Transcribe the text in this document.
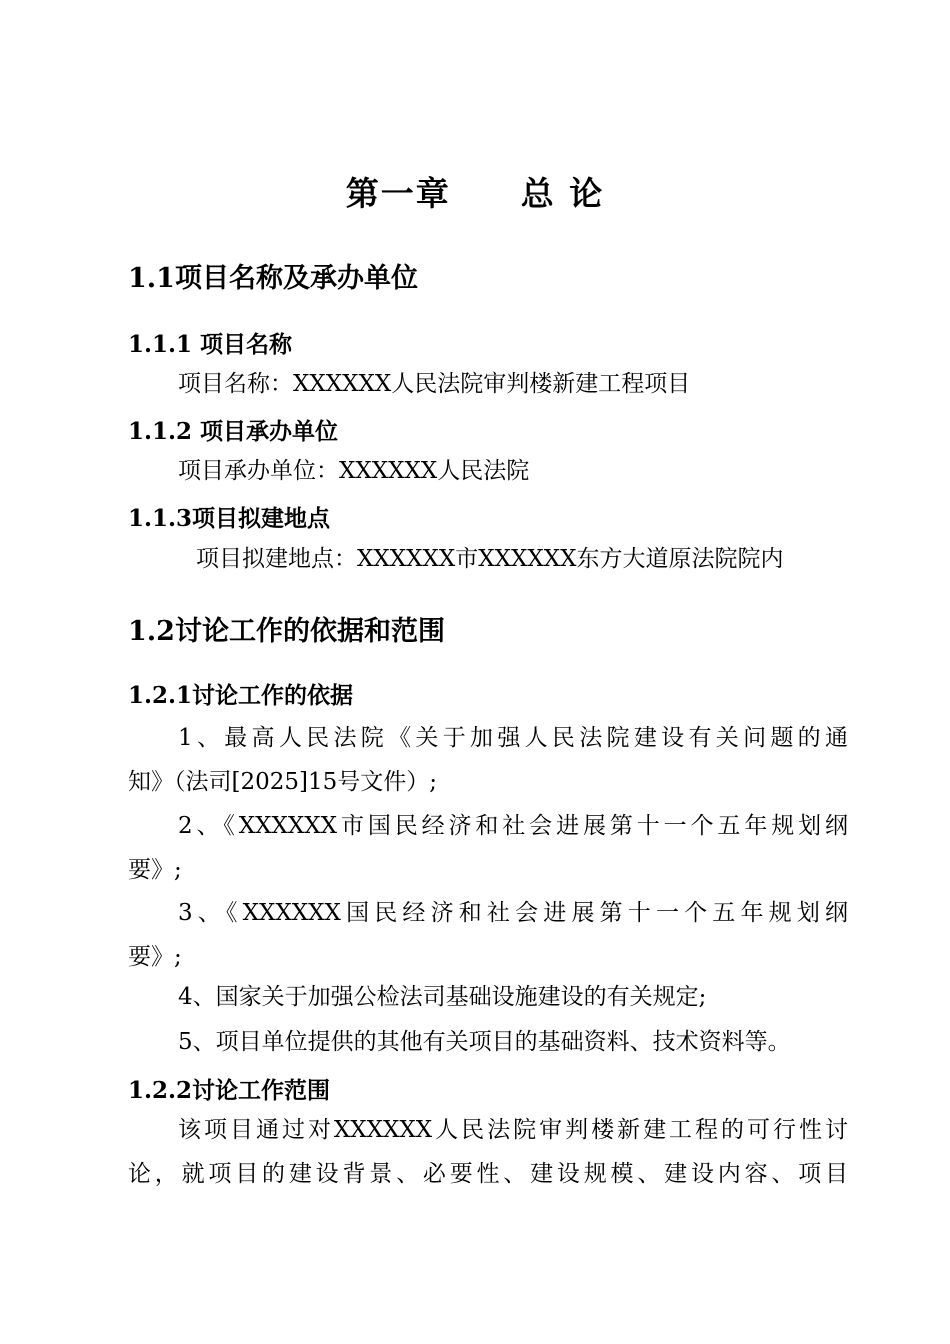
第一章 总 论
1.1项目名称及承办单位
1.1.1 项目名称
项目名称：XXXXXX人民法院审判楼新建工程项目
1.1.2 项目承办单位
项目承办单位：XXXXXX人民法院
1.1.3项目拟建地点
项目拟建地点：XXXXXX市XXXXXX东方大道原法院院内
1.2讨论工作的依据和范围
1.2.1讨论工作的依据
1、最高人民法院《关于加强人民法院建设有关问题的通
知》（法司[2025]15号文件）;
2、《XXXXXX市国民经济和社会进展第十一个五年规划纲
要》;
3、《XXXXXX国民经济和社会进展第十一个五年规划纲
要》;
4、国家关于加强公检法司基础设施建设的有关规定;
5、项目单位提供的其他有关项目的基础资料、技术资料等。
1.2.2讨论工作范围
该项目通过对XXXXXX人民法院审判楼新建工程的可行性讨
论，就项目的建设背景、必要性、建设规模、建设内容、项目
